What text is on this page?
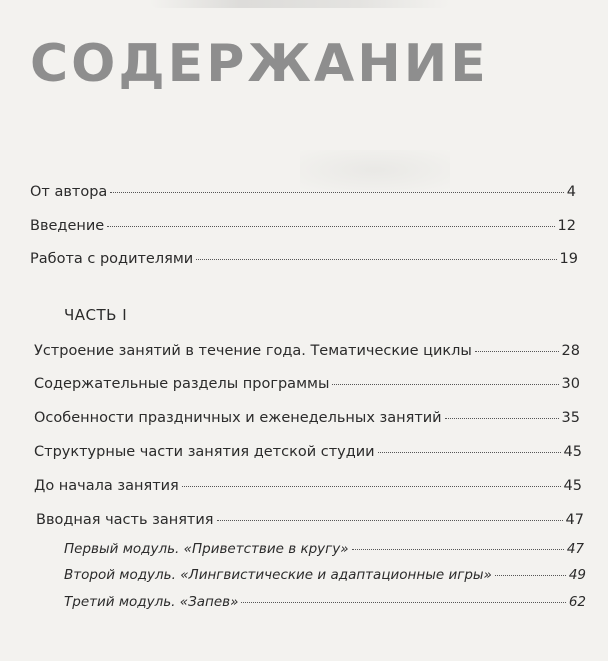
СОДЕРЖАНИЕ
От автора	4
Введение	12
Работа с родителями	19
ЧАСТЬ I
Устроение занятий в течение года. Тематические циклы	28
Содержательные разделы программы	30
Особенности праздничных и еженедельных занятий	35
Структурные части занятия детской студии	45
До начала занятия	45
Вводная часть занятия	47
Первый модуль. «Приветствие в кругу»	47
Второй модуль. «Лингвистические и адаптационные игры»	49
Третий модуль. «Запев»	62
